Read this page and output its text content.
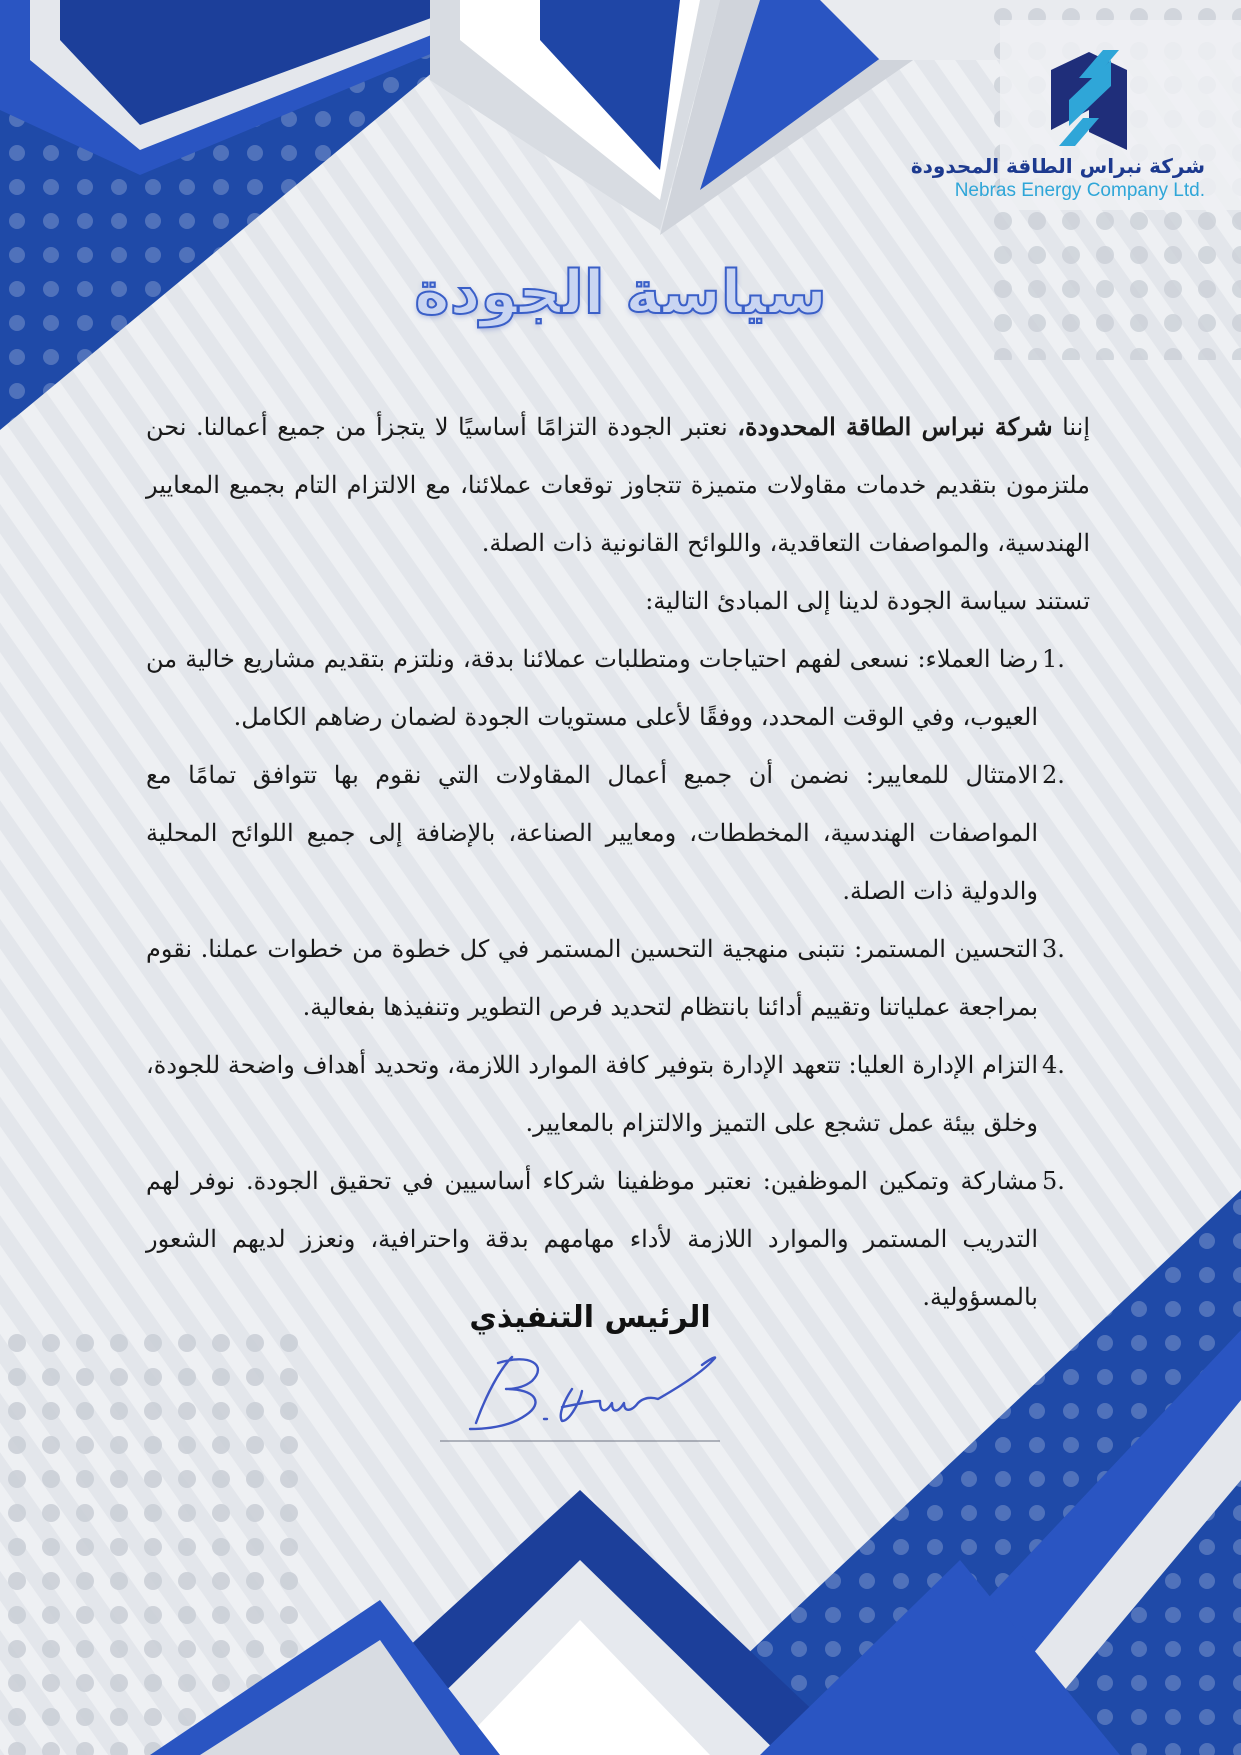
شركة نبراس الطاقة المحدودة
Nebras Energy Company Ltd.
سياسة الجودة

إننا شركة نبراس الطاقة المحدودة، نعتبر الجودة التزامًا أساسيًا لا يتجزأ من جميع أعمالنا. نحن ملتزمون بتقديم خدمات مقاولات متميزة تتجاوز توقعات عملائنا، مع الالتزام التام بجميع المعايير الهندسية، والمواصفات التعاقدية، واللوائح القانونية ذات الصلة.

تستند سياسة الجودة لدينا إلى المبادئ التالية:

1.
رضا العملاء: نسعى لفهم احتياجات ومتطلبات عملائنا بدقة، ونلتزم بتقديم مشاريع خالية من العيوب، وفي الوقت المحدد، ووفقًا لأعلى مستويات الجودة لضمان رضاهم الكامل.
2.
الامتثال للمعايير: نضمن أن جميع أعمال المقاولات التي نقوم بها تتوافق تمامًا مع المواصفات الهندسية، المخططات، ومعايير الصناعة، بالإضافة إلى جميع اللوائح المحلية والدولية ذات الصلة.
3.
التحسين المستمر: نتبنى منهجية التحسين المستمر في كل خطوة من خطوات عملنا. نقوم بمراجعة عملياتنا وتقييم أدائنا بانتظام لتحديد فرص التطوير وتنفيذها بفعالية.
4.
التزام الإدارة العليا: تتعهد الإدارة بتوفير كافة الموارد اللازمة، وتحديد أهداف واضحة للجودة، وخلق بيئة عمل تشجع على التميز والالتزام بالمعايير.
5.
مشاركة وتمكين الموظفين: نعتبر موظفينا شركاء أساسيين في تحقيق الجودة. نوفر لهم التدريب المستمر والموارد اللازمة لأداء مهامهم بدقة واحترافية، ونعزز لديهم الشعور بالمسؤولية.
الرئيس التنفيذي
